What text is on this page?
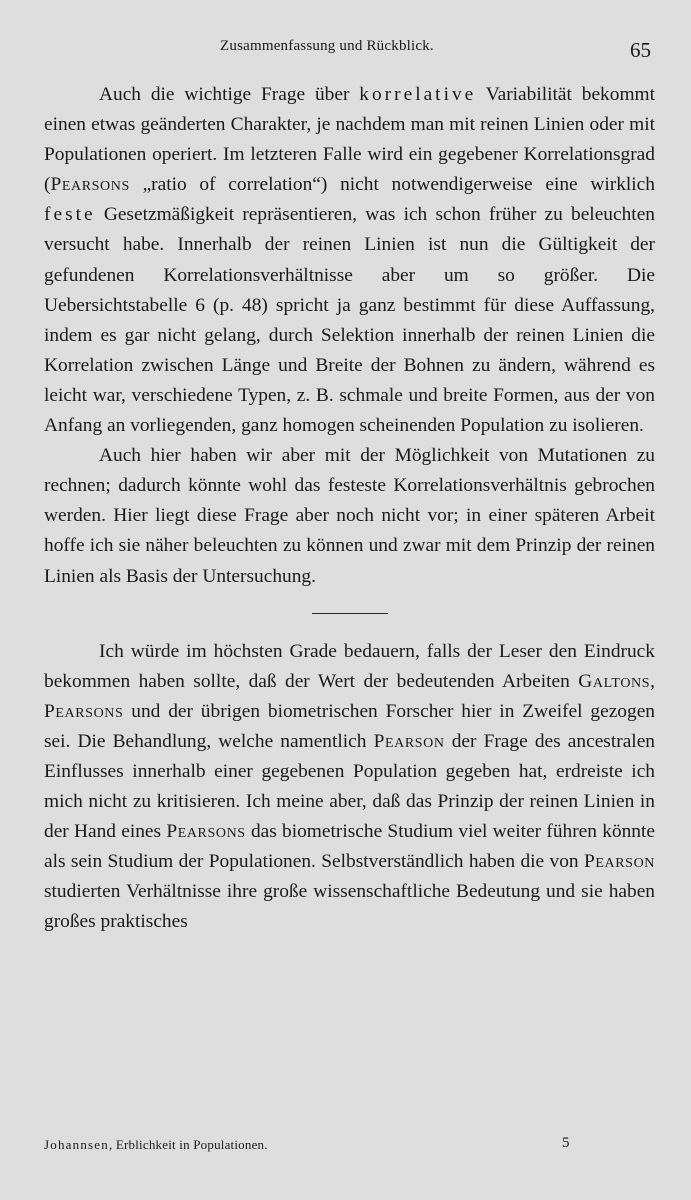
Zusammenfassung und Rückblick.	65

Auch die wichtige Frage über korrelative Variabilität bekommt einen etwas geänderten Charakter, je nachdem man mit reinen Linien oder mit Populationen operiert. Im letzteren Falle wird ein gegebener Korrelationsgrad (Pearsons „ratio of correlation“) nicht notwendigerweise eine wirklich feste Gesetzmäßigkeit repräsentieren, was ich schon früher zu beleuchten versucht habe. Innerhalb der reinen Linien ist nun die Gültigkeit der gefundenen Korrelationsverhältnisse aber um so größer. Die Uebersichtstabelle 6 (p. 48) spricht ja ganz bestimmt für diese Auffassung, indem es gar nicht gelang, durch Selektion innerhalb der reinen Linien die Korrelation zwischen Länge und Breite der Bohnen zu ändern, während es leicht war, verschiedene Typen, z. B. schmale und breite Formen, aus der von Anfang an vorliegenden, ganz homogen scheinenden Population zu isolieren.

Auch hier haben wir aber mit der Möglichkeit von Mutationen zu rechnen; dadurch könnte wohl das festeste Korrelationsverhältnis gebrochen werden. Hier liegt diese Frage aber noch nicht vor; in einer späteren Arbeit hoffe ich sie näher beleuchten zu können und zwar mit dem Prinzip der reinen Linien als Basis der Untersuchung.

Ich würde im höchsten Grade bedauern, falls der Leser den Eindruck bekommen haben sollte, daß der Wert der bedeutenden Arbeiten Galtons, Pearsons und der übrigen biometrischen Forscher hier in Zweifel gezogen sei. Die Behandlung, welche namentlich Pearson der Frage des ancestralen Einflusses innerhalb einer gegebenen Population gegeben hat, erdreiste ich mich nicht zu kritisieren. Ich meine aber, daß das Prinzip der reinen Linien in der Hand eines Pearsons das biometrische Studium viel weiter führen könnte als sein Studium der Populationen. Selbstverständlich haben die von Pearson studierten Verhältnisse ihre große wissenschaftliche Bedeutung und sie haben großes praktisches

Johannsen, Erblichkeit in Populationen.	5
